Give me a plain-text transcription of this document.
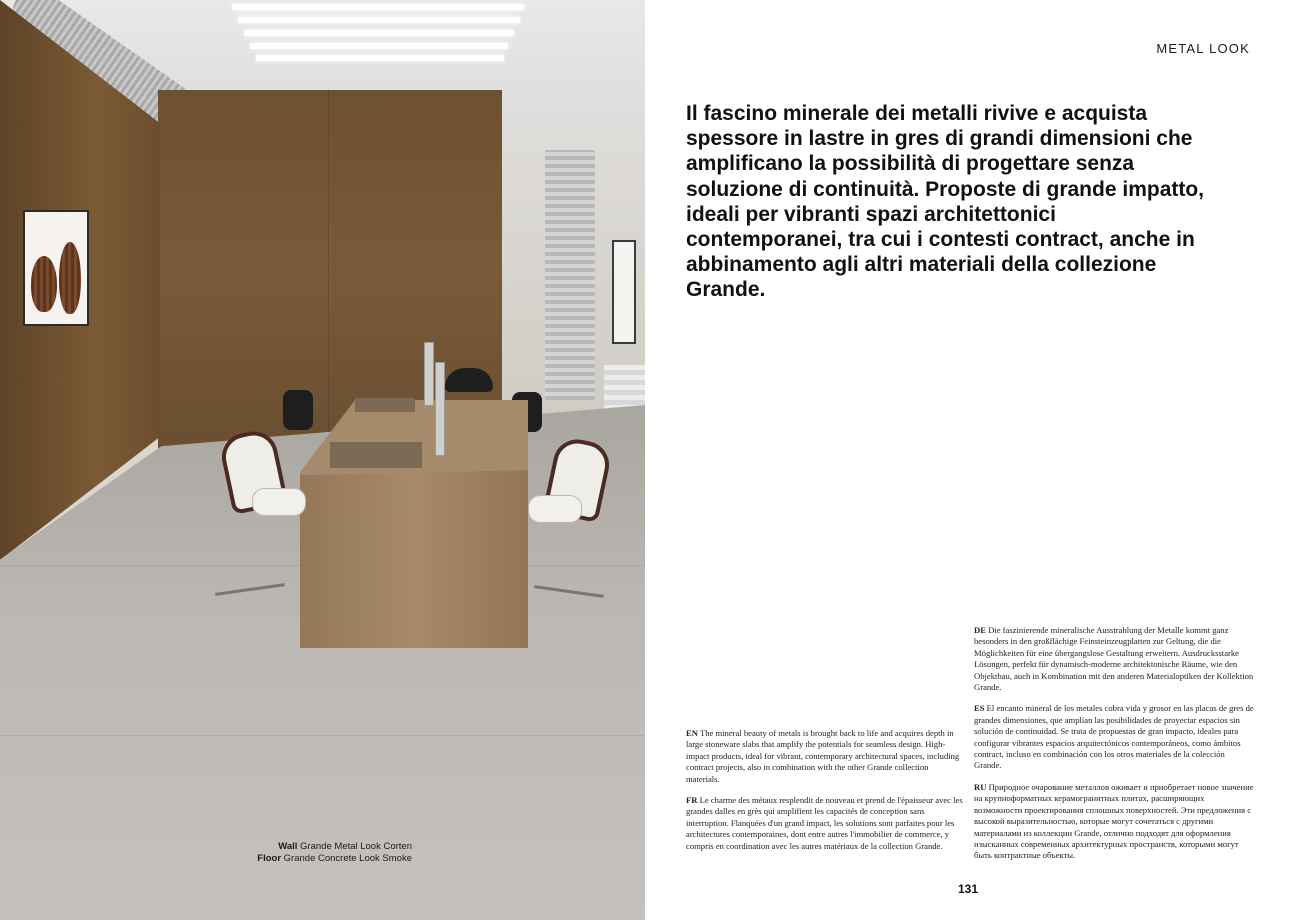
Wall Grande Metal Look Corten
Floor Grande Concrete Look Smoke
METAL LOOK

Il fascino minerale dei metalli rivive e acquista spessore in lastre in gres di grandi dimensioni che amplificano la possibilità di progettare senza soluzione di continuità. Proposte di grande impatto, ideali per vibranti spazi architettonici contemporanei, tra cui i contesti contract, anche in abbinamento agli altri materiali della collezione Grande.

EN The mineral beauty of metals is brought back to life and acquires depth in large stoneware slabs that amplify the potentials for seamless design. High-impact products, ideal for vibrant, contemporary architectural spaces, including contract projects, also in combination with the other Grande collection materials.

FR Le charme des métaux resplendit de nouveau et prend de l'épaisseur avec les grandes dalles en grès qui amplifient les capacités de conception sans interruption. Flanquées d'un grand impact, les solutions sont parfaites pour les architectures contemporaines, dont entre autres l'immobilier de commerce, y compris en coordination avec les autres matériaux de la collection Grande.

DE Die faszinierende mineralische Ausstrahlung der Metalle kommt ganz besonders in den großflächige Feinsteinzeugplatten zur Geltung, die die Möglichkeiten für eine übergangslose Gestaltung erweitern. Ausdrucksstarke Lösungen, perfekt für dynamisch-moderne architektonische Räume, wie den Objektbau, auch in Kombination mit den anderen Materialoptiken der Kollektion Grande.

ES El encanto mineral de los metales cobra vida y grosor en las placas de gres de grandes dimensiones, que amplían las posibilidades de proyectar espacios sin solución de continuidad. Se trata de propuestas de gran impacto, ideales para configurar vibrantes espacios arquitectónicos contemporáneos, como ámbitos contract, incluso en combinación con los otros materiales de la colección Grande.

RU Природное очарование металлов оживает и приобретает новое значение на крупноформатных керамогранитных плитах, расширяющих возможности проектирования сплошных поверхностей. Эти предложения с высокой выразительностью, которые могут сочетаться с другими материалами из коллекции Grande, отлично подходят для оформления изысканных современных архитектурных пространств, которыми могут быть контрактные объекты.

131
